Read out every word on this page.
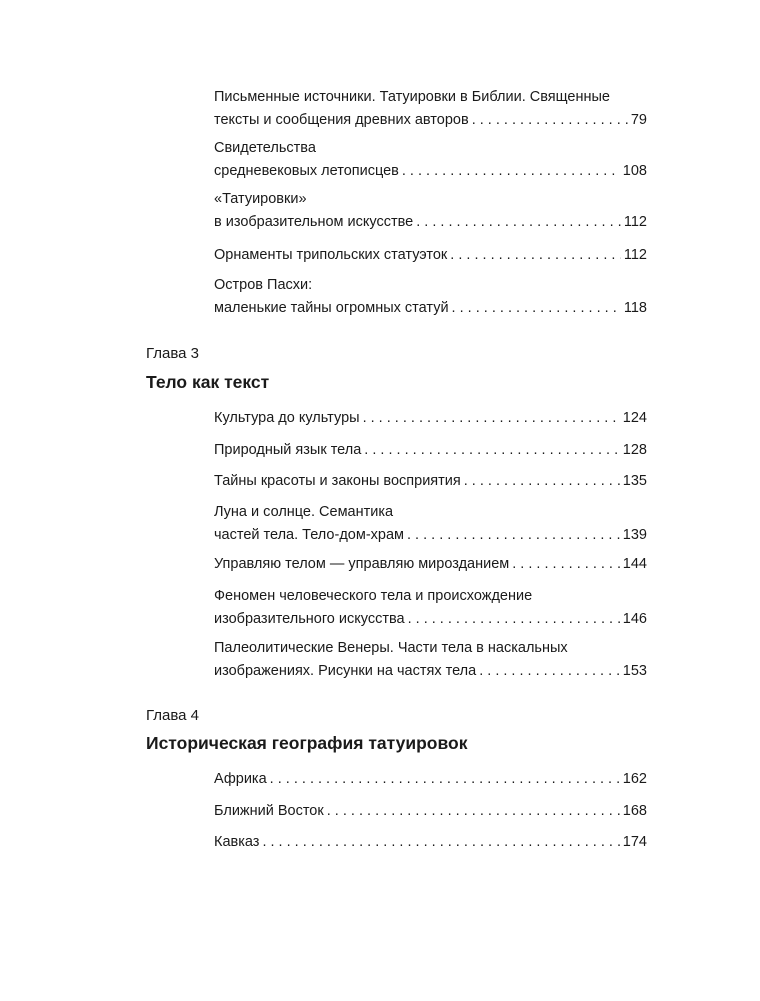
Письменные источники. Татуировки в Библии. Священные
тексты и сообщения древних авторов . . .	79
Свидетельства
средневековых летописцев . . .	108
«Татуировки»
в изобразительном искусстве . . .	112
Орнаменты трипольских статуэток . . .	112
Остров Пасхи:
маленькие тайны огромных статуй . . .	118
Глава 3
Тело как текст
Культура до культуры . . .	124
Природный язык тела . . .	128
Тайны красоты и законы восприятия . . .	135
Луна и солнце. Семантика
частей тела. Тело-дом-храм . . .	139
Управляю телом — управляю мирозданием . . .	144
Феномен человеческого тела и происхождение
изобразительного искусства . . .	146
Палеолитические Венеры. Части тела в наскальных
изображениях. Рисунки на частях тела . . .	153
Глава 4
Историческая география татуировок
Африка . . .	162
Ближний Восток . . .	168
Кавказ . . .	174
